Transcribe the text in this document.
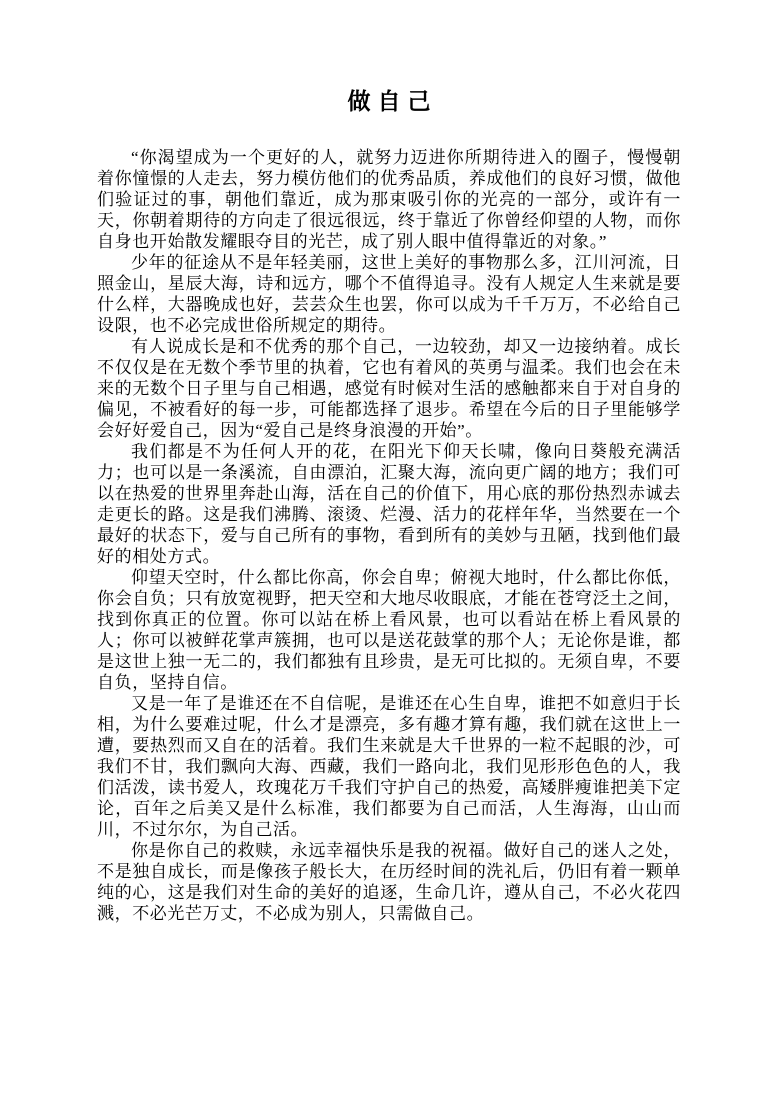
做自己

“你渴望成为一个更好的人，就努力迈进你所期待进入的圈子，慢慢朝着你憧憬的人走去，努力模仿他们的优秀品质，养成他们的良好习惯，做他们验证过的事，朝他们靠近，成为那束吸引你的光亮的一部分，或许有一天，你朝着期待的方向走了很远很远，终于靠近了你曾经仰望的人物，而你自身也开始散发耀眼夺目的光芒，成了别人眼中值得靠近的对象。”

少年的征途从不是年轻美丽，这世上美好的事物那么多，江川河流，日照金山，星辰大海，诗和远方，哪个不值得追寻。没有人规定人生来就是要什么样，大器晚成也好，芸芸众生也罢，你可以成为千千万万，不必给自己设限，也不必完成世俗所规定的期待。

有人说成长是和不优秀的那个自己，一边较劲，却又一边接纳着。成长不仅仅是在无数个季节里的执着，它也有着风的英勇与温柔。我们也会在未来的无数个日子里与自己相遇，感觉有时候对生活的感触都来自于对自身的偏见，不被看好的每一步，可能都选择了退步。希望在今后的日子里能够学会好好爱自己，因为“爱自己是终身浪漫的开始”。

我们都是不为任何人开的花，在阳光下仰天长啸，像向日葵般充满活力；也可以是一条溪流，自由漂泊，汇聚大海，流向更广阔的地方；我们可以在热爱的世界里奔赴山海，活在自己的价值下，用心底的那份热烈赤诚去走更长的路。这是我们沸腾、滚烫、烂漫、活力的花样年华，当然要在一个最好的状态下，爱与自己所有的事物，看到所有的美妙与丑陋，找到他们最好的相处方式。

仰望天空时，什么都比你高，你会自卑；俯视大地时，什么都比你低，你会自负；只有放宽视野，把天空和大地尽收眼底，才能在苍穹泛土之间，找到你真正的位置。你可以站在桥上看风景，也可以看站在桥上看风景的人；你可以被鲜花掌声簇拥，也可以是送花鼓掌的那个人；无论你是谁，都是这世上独一无二的，我们都独有且珍贵，是无可比拟的。无须自卑，不要自负，坚持自信。

又是一年了是谁还在不自信呢，是谁还在心生自卑，谁把不如意归于长相，为什么要难过呢，什么才是漂亮，多有趣才算有趣，我们就在这世上一遭，要热烈而又自在的活着。我们生来就是大千世界的一粒不起眼的沙，可我们不甘，我们飘向大海、西藏，我们一路向北，我们见形形色色的人，我们活泼，读书爱人，玫瑰花万千我们守护自己的热爱，高矮胖瘦谁把美下定论，百年之后美又是什么标准，我们都要为自己而活，人生海海，山山而川，不过尔尔，为自己活。

你是你自己的救赎，永远幸福快乐是我的祝福。做好自己的迷人之处，不是独自成长，而是像孩子般长大，在历经时间的洗礼后，仍旧有着一颗单纯的心，这是我们对生命的美好的追逐，生命几许，遵从自己，不必火花四溅，不必光芒万丈，不必成为别人，只需做自己。
